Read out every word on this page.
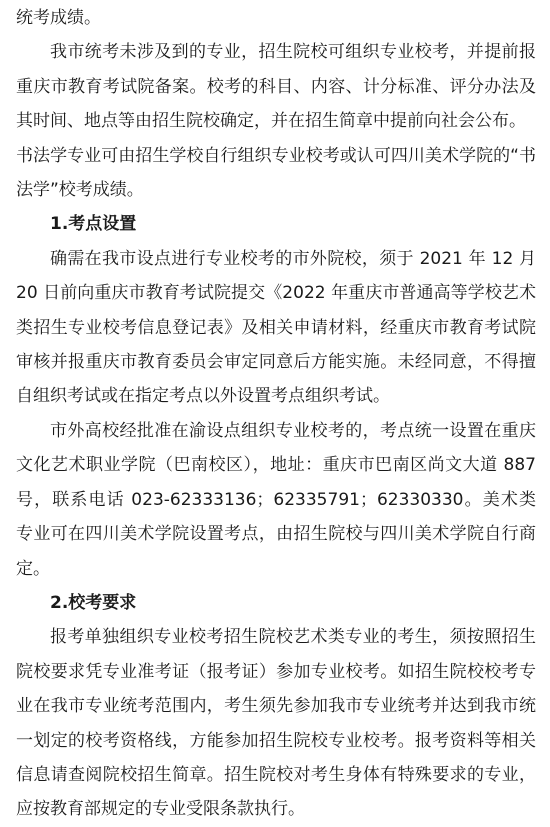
统考成绩。

我市统考未涉及到的专业，招生院校可组织专业校考，并提前报重庆市教育考试院备案。校考的科目、内容、计分标准、评分办法及其时间、地点等由招生院校确定，并在招生简章中提前向社会公布。

书法学专业可由招生学校自行组织专业校考或认可四川美术学院的“书法学”校考成绩。

1.考点设置

确需在我市设点进行专业校考的市外院校，须于 2021 年 12 月 20 日前向重庆市教育考试院提交《2022 年重庆市普通高等学校艺术类招生专业校考信息登记表》及相关申请材料，经重庆市教育考试院审核并报重庆市教育委员会审定同意后方能实施。未经同意，不得擅自组织考试或在指定考点以外设置考点组织考试。

市外高校经批准在渝设点组织专业校考的，考点统一设置在重庆文化艺术职业学院（巴南校区），地址：重庆市巴南区尚文大道 887 号，联系电话 023-62333136；62335791；62330330。美术类专业可在四川美术学院设置考点，由招生院校与四川美术学院自行商定。

2.校考要求

报考单独组织专业校考招生院校艺术类专业的考生，须按照招生院校要求凭专业准考证（报考证）参加专业校考。如招生院校校考专业在我市专业统考范围内，考生须先参加我市专业统考并达到我市统一划定的校考资格线，方能参加招生院校专业校考。报考资料等相关信息请查阅院校招生简章。招生院校对考生身体有特殊要求的专业，应按教育部规定的专业受限条款执行。
